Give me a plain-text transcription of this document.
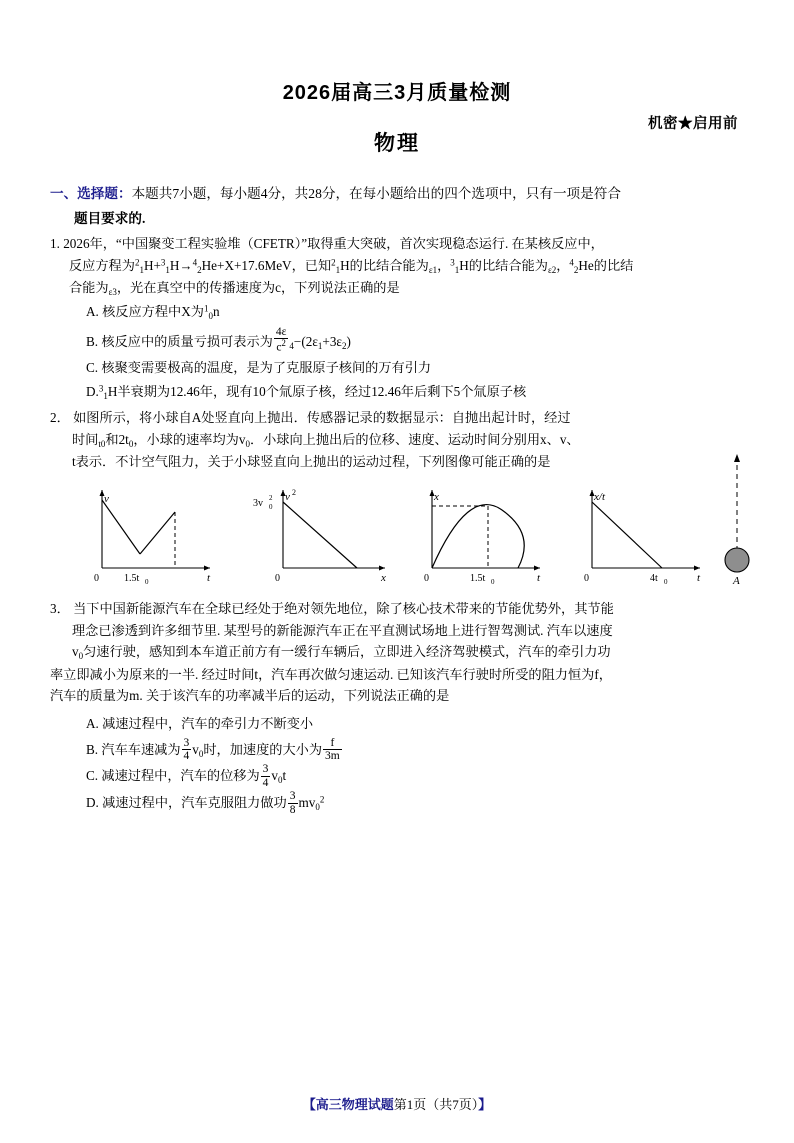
机密★启用前
2026届高三3月质量检测
物理
一、选择题：本题共7小题，每小题4分，共28分，在每小题给出的四个选项中，只有一项是符合
题目要求的.
1. 2026年，“中国聚变工程实验堆（CFETR）”取得重大突破，首次实现稳态运行. 在某核反应中，
反应方程为$^2_1$H+$^3_1$H→$^4_2$He+X+17.6MeV，已知$^2_1$H的比结合能为$_{\varepsilon 1}$，$^3_1$H的比结合能为$_{\varepsilon 2}$，$^4_2$He的比结
合能为$_{\varepsilon 3}$，光在真空中的传播速度为c，下列说法正确的是
A. 核反应方程中X为$^1_0$n
B. 核反应中的质量亏损可表示为 $\frac{4\varepsilon}{c^2} _4-(2\varepsilon_1+3\varepsilon_2)$
C. 核聚变需要极高的温度，是为了克服原子核间的万有引力
D.$^3_1$H半衰期为12.46年，现有10个氚原子核，经过12.46年后剩下5个氚原子核
2． 如图所示，将小球自A处竖直向上抛出．传感器记录的数据显示：自抛出起计时，经过
时间$_{t0}$和$2t_0$，小球的速率均为$v_0$．小球向上抛出后的位移、速度、运动时间分别用x、v、
t表示．不计空气阻力，关于小球竖直向上抛出的运动过程，下列图像可能正确的是
v
t
0	1.5t 0
v 2
x
0
3v 0
2	x
t
0	1.5t 0
x/t
t
0	4t 0	A
3． 当下中国新能源汽车在全球已经处于绝对领先地位，除了核心技术带来的节能优势外，其节能
理念已渗透到许多细节里. 某型号的新能源汽车正在平直测试场地上进行智驾测试. 汽车以速度
$v_0$匀速行驶，感知到本车道正前方有一缓行车辆后，立即进入经济驾驶模式，汽车的牵引力功
率立即减小为原来的一半. 经过时间t，汽车再次做匀速运动. 已知该汽车行驶时所受的阻力恒为f，
汽车的质量为m. 关于该汽车的功率减半后的运动，下列说法正确的是
A. 减速过程中，汽车的牵引力不断变小
B. 汽车车速减为 $\frac{3}{4} v_0$时，加速度的大小为 $\frac{f}{3m}$
C. 减速过程中，汽车的位移为 $\frac{3}{4} v_0t$
D. 减速过程中，汽车克服阻力做功 $\frac{3}{8} mv_0^2$
【高三物理试题第1页（共7页）】
